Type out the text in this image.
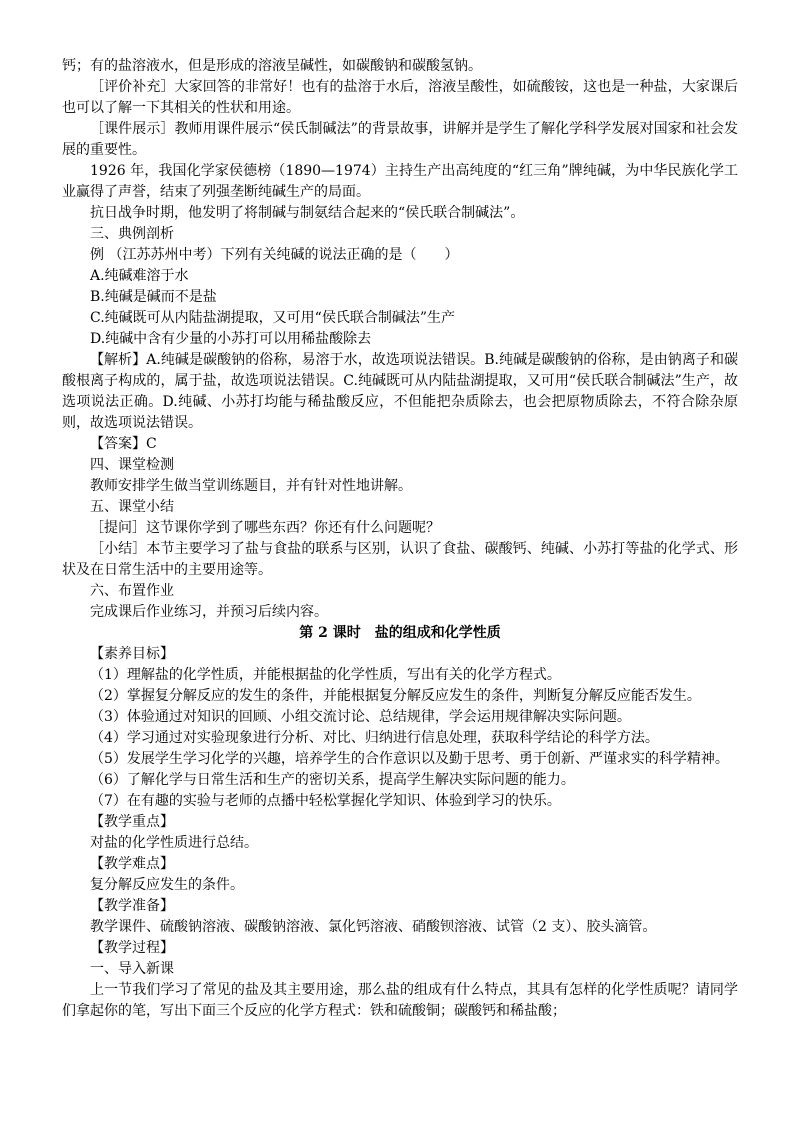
钙；有的盐溶液水，但是形成的溶液呈碱性，如碳酸钠和碳酸氢钠。

［评价补充］大家回答的非常好！也有的盐溶于水后，溶液呈酸性，如硫酸铵，这也是一种盐，大家课后也可以了解一下其相关的性状和用途。

［课件展示］教师用课件展示“侯氏制碱法”的背景故事，讲解并是学生了解化学科学发展对国家和社会发展的重要性。

1926 年，我国化学家侯德榜（1890—1974）主持生产出高纯度的“红三角”牌纯碱，为中华民族化学工业赢得了声誉，结束了列强垄断纯碱生产的局面。

抗日战争时期，他发明了将制碱与制氨结合起来的“侯氏联合制碱法”。

三、典例剖析

例 （江苏苏州中考）下列有关纯碱的说法正确的是（　　）

A.纯碱难溶于水

B.纯碱是碱而不是盐

C.纯碱既可从内陆盐湖提取，又可用“侯氏联合制碱法”生产

D.纯碱中含有少量的小苏打可以用稀盐酸除去

【解析】A.纯碱是碳酸钠的俗称，易溶于水，故选项说法错误。B.纯碱是碳酸钠的俗称，是由钠离子和碳酸根离子构成的，属于盐，故选项说法错误。C.纯碱既可从内陆盐湖提取，又可用“侯氏联合制碱法”生产，故选项说法正确。D.纯碱、小苏打均能与稀盐酸反应，不但能把杂质除去，也会把原物质除去，不符合除杂原则，故选项说法错误。

【答案】C

四、课堂检测

教师安排学生做当堂训练题目，并有针对性地讲解。

五、课堂小结

［提问］这节课你学到了哪些东西？你还有什么问题呢？

［小结］本节主要学习了盐与食盐的联系与区别，认识了食盐、碳酸钙、纯碱、小苏打等盐的化学式、形状及在日常生活中的主要用途等。

六、布置作业

完成课后作业练习，并预习后续内容。

第 2 课时　盐的组成和化学性质

【素养目标】

（1）理解盐的化学性质，并能根据盐的化学性质，写出有关的化学方程式。

（2）掌握复分解反应的发生的条件，并能根据复分解反应发生的条件，判断复分解反应能否发生。

（3）体验通过对知识的回顾、小组交流讨论、总结规律，学会运用规律解决实际问题。

（4）学习通过对实验现象进行分析、对比、归纳进行信息处理，获取科学结论的科学方法。

（5）发展学生学习化学的兴趣，培养学生的合作意识以及勤于思考、勇于创新、严谨求实的科学精神。

（6）了解化学与日常生活和生产的密切关系，提高学生解决实际问题的能力。

（7）在有趣的实验与老师的点播中轻松掌握化学知识、体验到学习的快乐。

【教学重点】

对盐的化学性质进行总结。

【教学难点】

复分解反应发生的条件。

【教学准备】

教学课件、硫酸钠溶液、碳酸钠溶液、氯化钙溶液、硝酸钡溶液、试管（2 支）、胶头滴管。

【教学过程】

一、导入新课

上一节我们学习了常见的盐及其主要用途，那么盐的组成有什么特点，其具有怎样的化学性质呢？请同学们拿起你的笔，写出下面三个反应的化学方程式：铁和硫酸铜；碳酸钙和稀盐酸；
